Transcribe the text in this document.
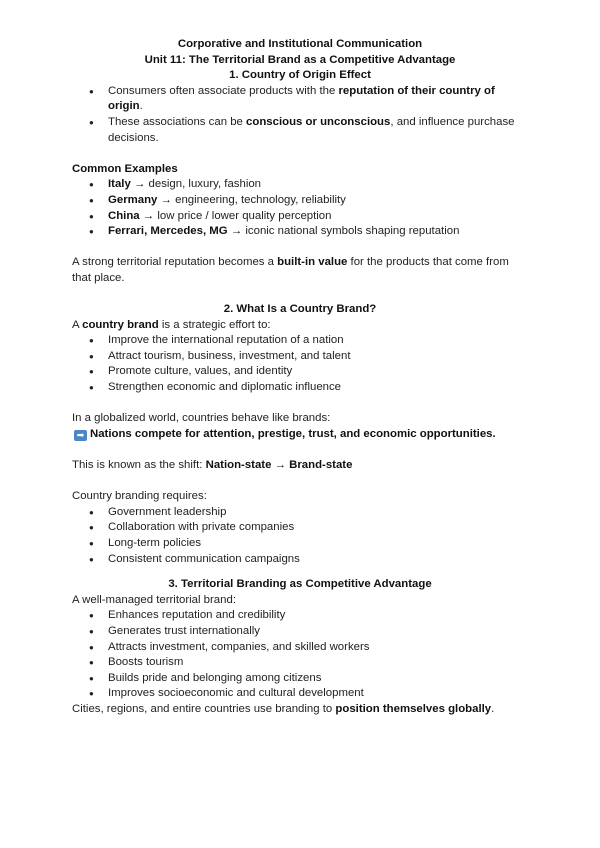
Corporative and Institutional Communication
Unit 11: The Territorial Brand as a Competitive Advantage
1. Country of Origin Effect
● Consumers often associate products with the reputation of their country of origin.
● These associations can be conscious or unconscious, and influence purchase decisions.
Common Examples
● Italy → design, luxury, fashion
● Germany → engineering, technology, reliability
● China → low price / lower quality perception
● Ferrari, Mercedes, MG → iconic national symbols shaping reputation
A strong territorial reputation becomes a built-in value for the products that come from that place.
2. What Is a Country Brand?
A country brand is a strategic effort to:
● Improve the international reputation of a nation
● Attract tourism, business, investment, and talent
● Promote culture, values, and identity
● Strengthen economic and diplomatic influence
In a globalized world, countries behave like brands:
➡ Nations compete for attention, prestige, trust, and economic opportunities.
This is known as the shift: Nation-state → Brand-state
Country branding requires:
● Government leadership
● Collaboration with private companies
● Long-term policies
● Consistent communication campaigns
3. Territorial Branding as Competitive Advantage
A well-managed territorial brand:
● Enhances reputation and credibility
● Generates trust internationally
● Attracts investment, companies, and skilled workers
● Boosts tourism
● Builds pride and belonging among citizens
● Improves socioeconomic and cultural development
Cities, regions, and entire countries use branding to position themselves globally.
